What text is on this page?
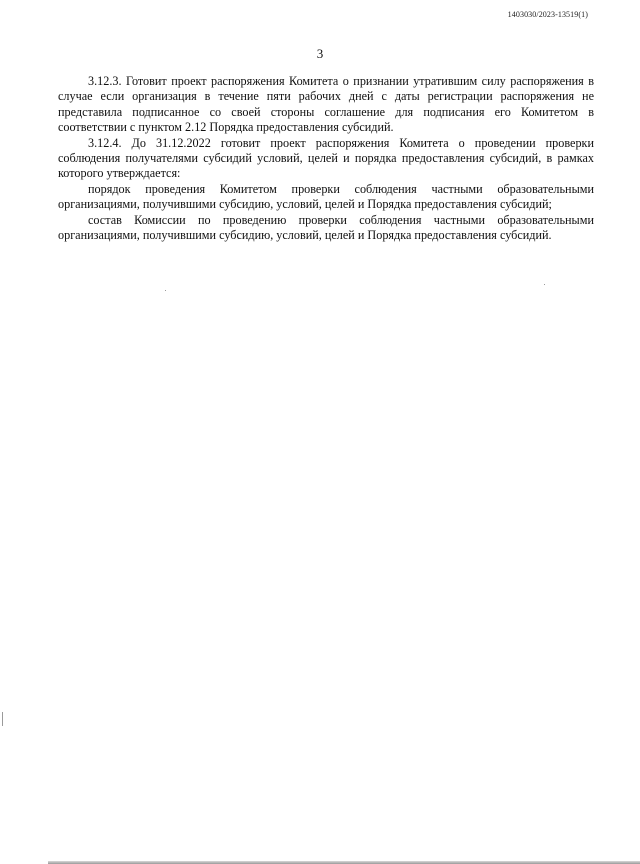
1403030/2023-13519(1)
3

3.12.3. Готовит проект распоряжения Комитета о признании утратившим силу распоряжения в случае если организация в течение пяти рабочих дней с даты регистрации распоряжения не представила подписанное со своей стороны соглашение для подписания его Комитетом в соответствии с пунктом 2.12 Порядка предоставления субсидий.

3.12.4. До 31.12.2022 готовит проект распоряжения Комитета о проведении проверки соблюдения получателями субсидий условий, целей и порядка предоставления субсидий, в рамках которого утверждается:

порядок проведения Комитетом проверки соблюдения частными образовательными организациями, получившими субсидию, условий, целей и Порядка предоставления субсидий;

состав Комиссии по проведению проверки соблюдения частными образовательными организациями, получившими субсидию, условий, целей и Порядка предоставления субсидий.
